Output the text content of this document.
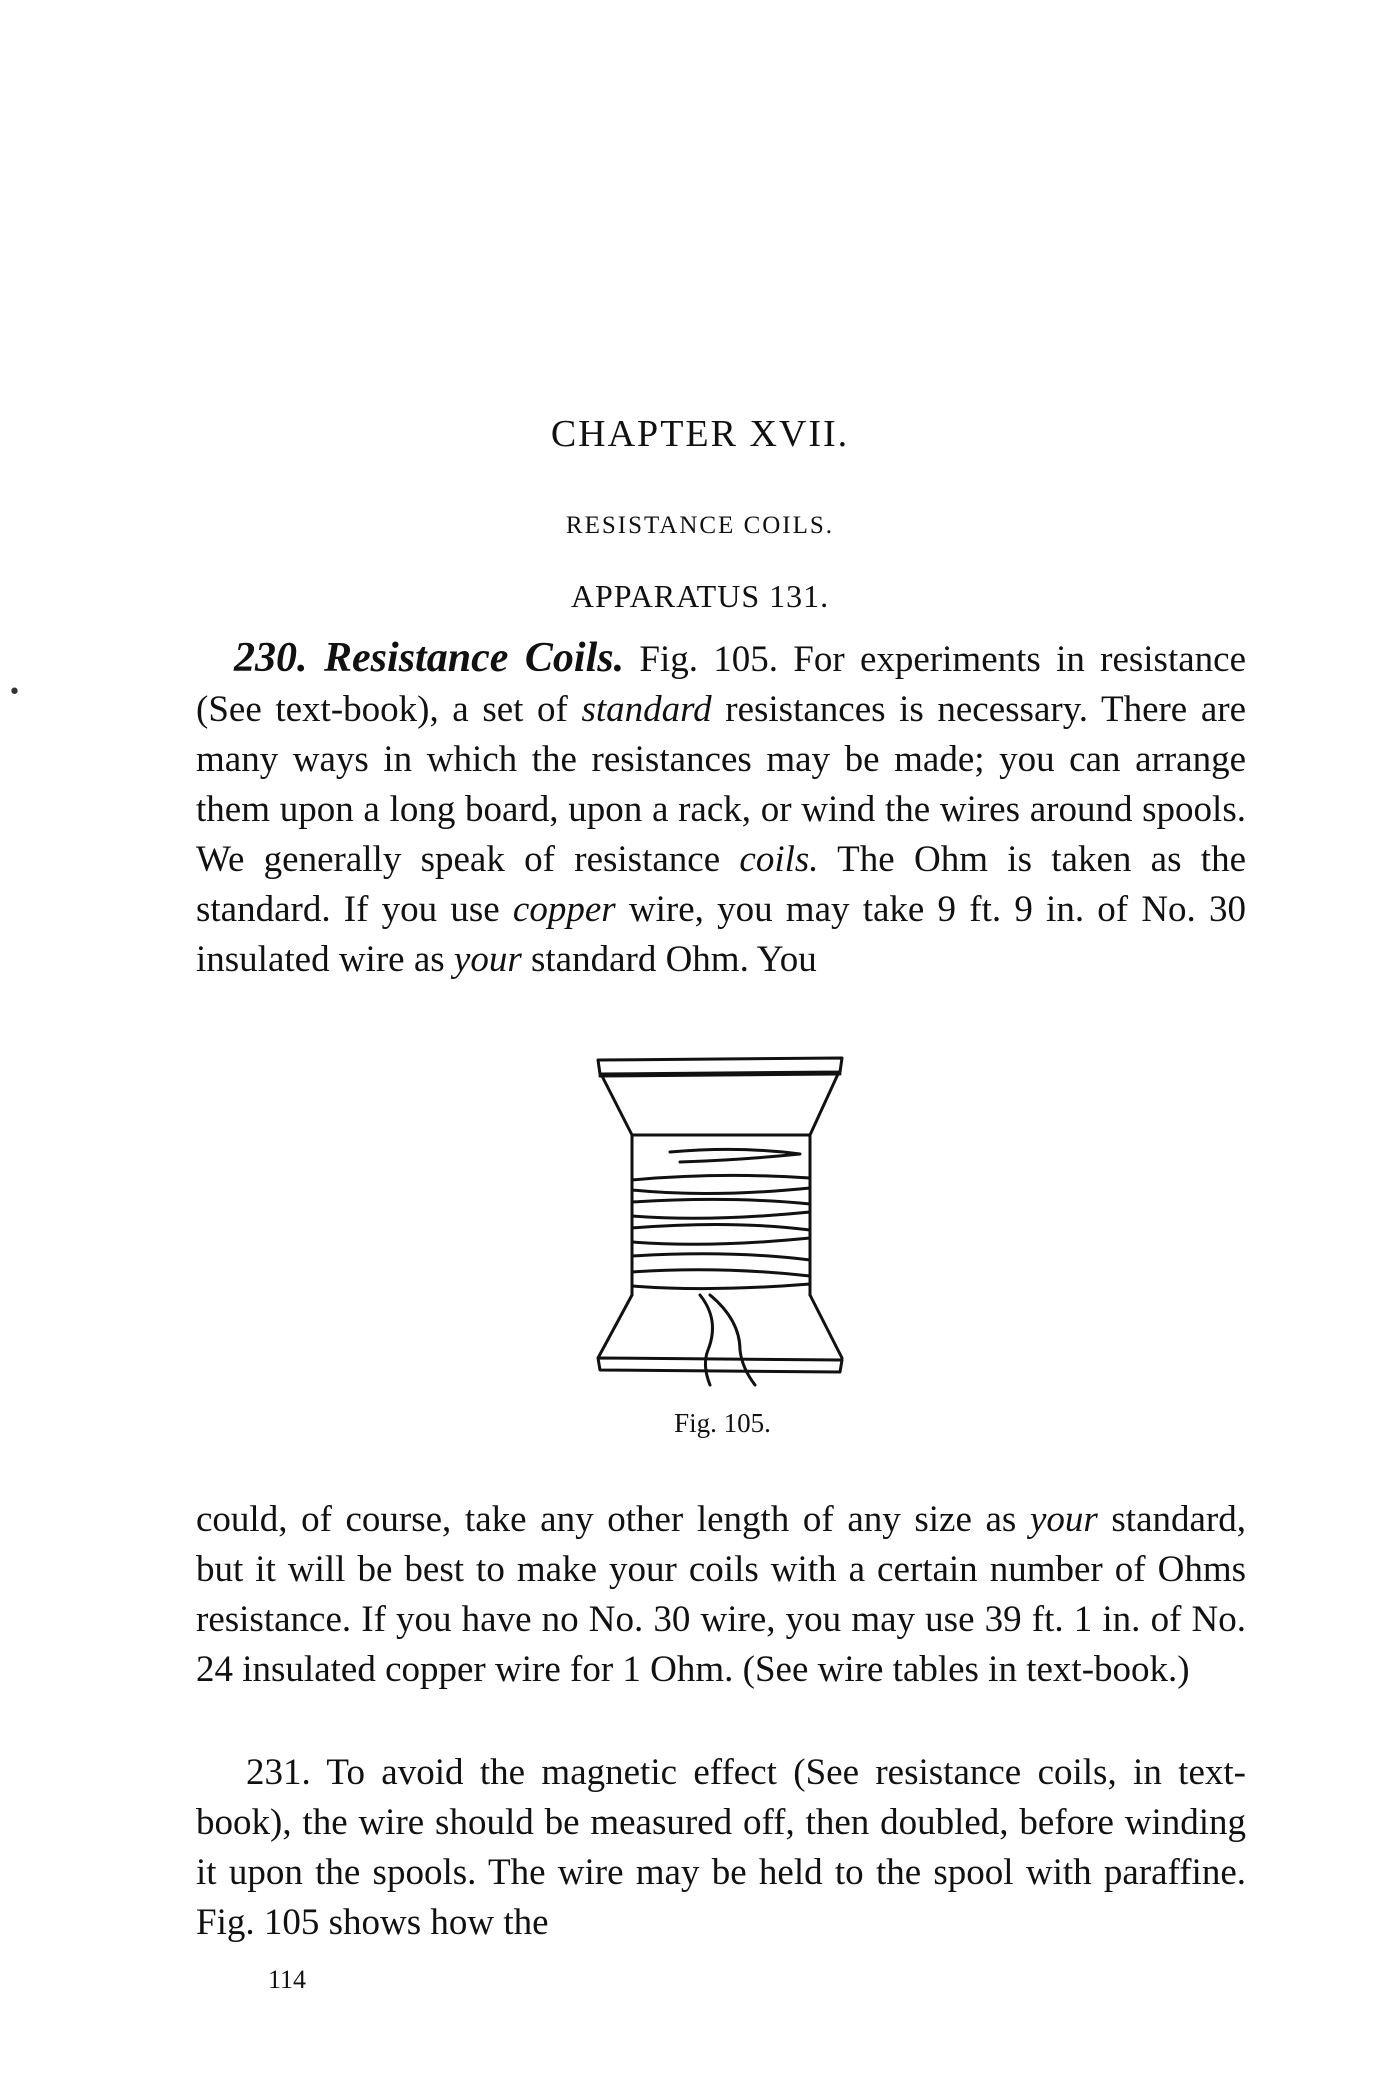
CHAPTER XVII.
RESISTANCE COILS.
APPARATUS 131.
230. Resistance Coils. Fig. 105. For experiments in resistance (See text-book), a set of standard resistances is necessary. There are many ways in which the resistances may be made; you can arrange them upon a long board, upon a rack, or wind the wires around spools. We generally speak of resistance coils. The Ohm is taken as the standard. If you use copper wire, you may take 9 ft. 9 in. of No. 30 insulated wire as your standard Ohm. You
Fig. 105.
could, of course, take any other length of any size as your standard, but it will be best to make your coils with a certain number of Ohms resistance. If you have no No. 30 wire, you may use 39 ft. 1 in. of No. 24 insulated copper wire for 1 Ohm. (See wire tables in text-book.)
231. To avoid the magnetic effect (See resistance coils, in text-book), the wire should be measured off, then doubled, before winding it upon the spools. The wire may be held to the spool with paraffine. Fig. 105 shows how the
114
•
